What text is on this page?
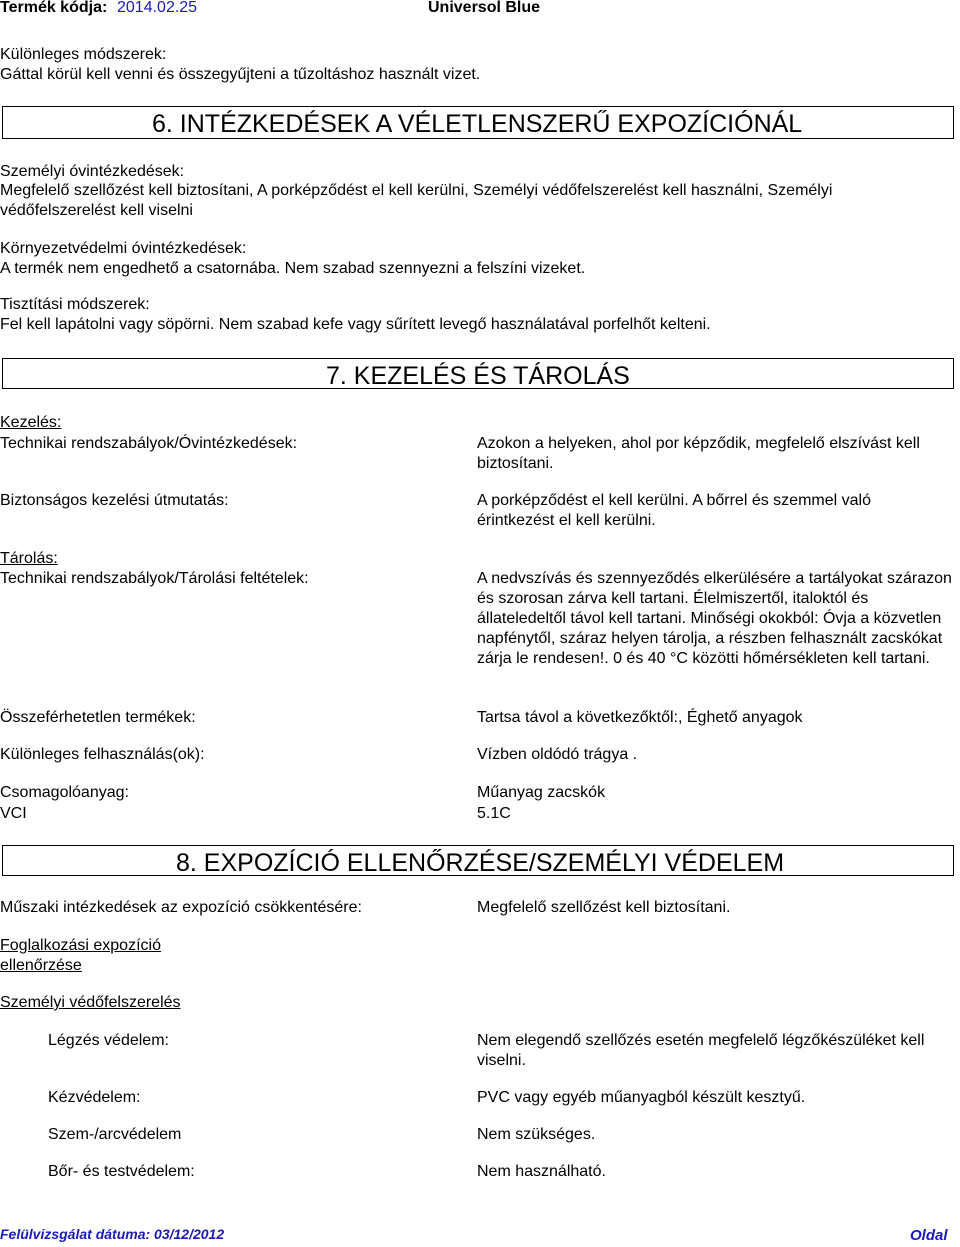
Termék kódja: 2014.02.25	Universol Blue
Különleges módszerek:
Gáttal körül kell venni és összegyűjteni a tűzoltáshoz használt vizet.
6. INTÉZKEDÉSEK A VÉLETLENSZERŰ EXPOZÍCIÓNÁL
Személyi óvintézkedések:
Megfelelő szellőzést kell biztosítani, A porképződést el kell kerülni, Személyi védőfelszerelést kell használni, Személyi
védőfelszerelést kell viselni
Környezetvédelmi óvintézkedések:
A termék nem engedhető a csatornába. Nem szabad szennyezni a felszíni vizeket.
Tisztítási módszerek:
Fel kell lapátolni vagy söpörni. Nem szabad kefe vagy sűrített levegő használatával porfelhőt kelteni.
7. KEZELÉS ÉS TÁROLÁS
Kezelés:
Technikai rendszabályok/Óvintézkedések:	Azokon a helyeken, ahol por képződik, megfelelő elszívást kell biztosítani.
Biztonságos kezelési útmutatás:	A porképződést el kell kerülni. A bőrrel és szemmel való érintkezést el kell kerülni.
Tárolás:
Technikai rendszabályok/Tárolási feltételek:	A nedvszívás és szennyeződés elkerülésére a tartályokat szárazon és szorosan zárva kell tartani. Élelmiszertől, italoktól és állateledeltől távol kell tartani. Minőségi okokból: Óvja a közvetlen napfénytől, száraz helyen tárolja, a részben felhasznált zacskókat zárja le rendesen!. 0 és 40 °C közötti hőmérsékleten kell tartani.
Összeférhetetlen termékek:	Tartsa távol a következőktől:, Éghető anyagok
Különleges felhasználás(ok):	Vízben oldódó trágya .
Csomagolóanyag:	Műanyag zacskók
VCI	5.1C
8. EXPOZÍCIÓ ELLENŐRZÉSE/SZEMÉLYI VÉDELEM
Műszaki intézkedések az expozíció csökkentésére:	Megfelelő szellőzést kell biztosítani.
Foglalkozási expozíció
ellenőrzése
Személyi védőfelszerelés
Légzés védelem:	Nem elegendő szellőzés esetén megfelelő légzőkészüléket kell viselni.
Kézvédelem:	PVC vagy egyéb műanyagból készült kesztyű.
Szem-/arcvédelem	Nem szükséges.
Bőr- és testvédelem:	Nem használható.
Felülvizsgálat dátuma: 03/12/2012	Oldal
